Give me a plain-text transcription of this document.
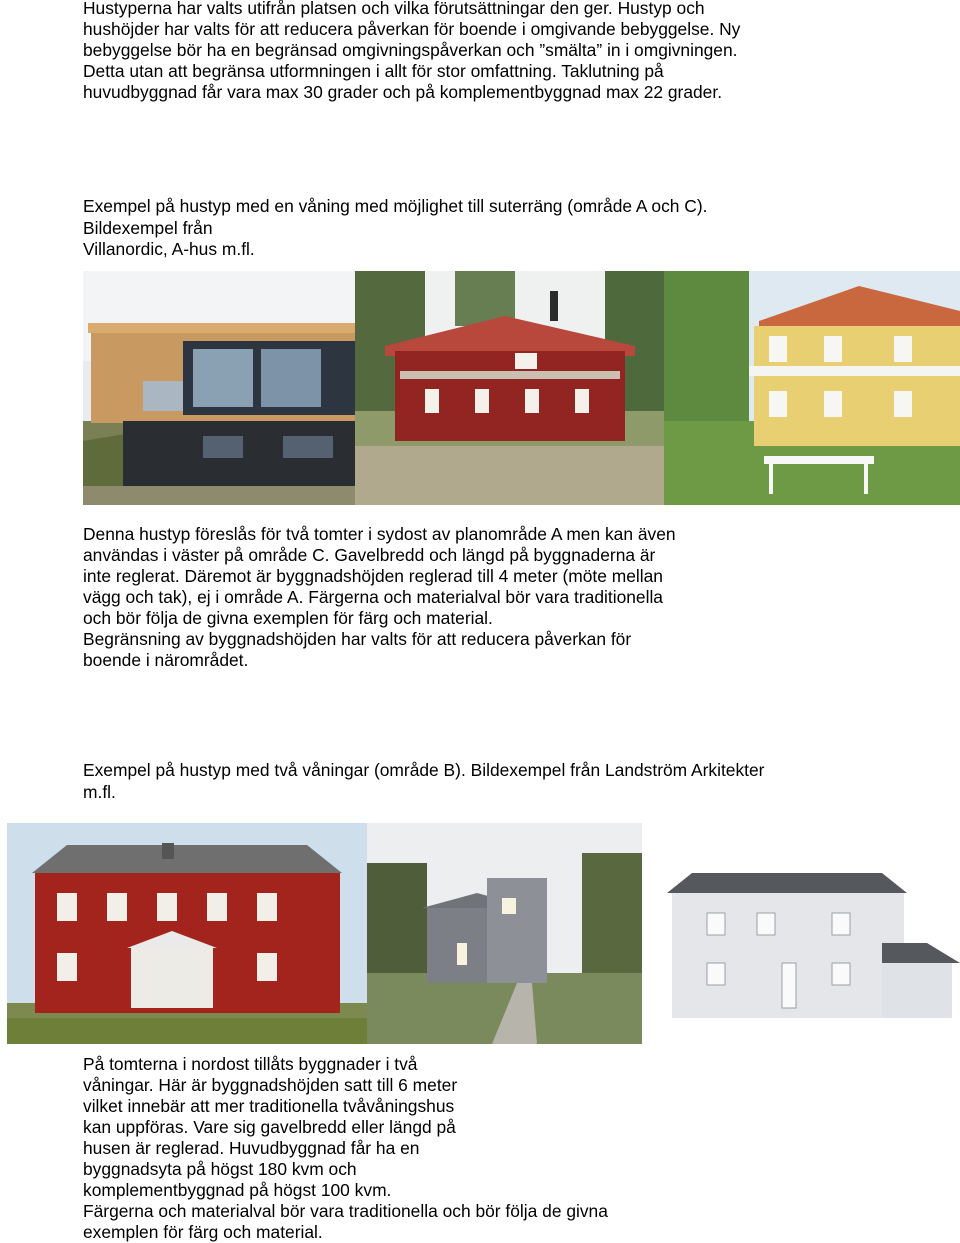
Hustyperna har valts utifrån platsen och vilka förutsättningar den ger. Hustyp och
hushöjder har valts för att reducera påverkan för boende i omgivande bebyggelse. Ny
bebyggelse bör ha en begränsad omgivningspåverkan och ”smälta” in i omgivningen.
Detta utan att begränsa utformningen i allt för stor omfattning. Taklutning på
huvudbyggnad får vara max 30 grader och på komplementbyggnad max 22 grader.
Exempel på hustyp med en våning med möjlighet till suterräng (område A och C).
Bildexempel från
Villanordic, A-hus m.fl.
Denna hustyp föreslås för två tomter i sydost av planområde A men kan även
användas i väster på område C. Gavelbredd och längd på byggnaderna är
inte reglerat. Däremot är byggnadshöjden reglerad till 4 meter (möte mellan
vägg och tak), ej i område A. Färgerna och materialval bör vara traditionella
och bör följa de givna exemplen för färg och material.
Begränsning av byggnadshöjden har valts för att reducera påverkan för
boende i närområdet.
Exempel på hustyp med två våningar (område B). Bildexempel från Landström Arkitekter
m.fl.
På tomterna i nordost tillåts byggnader i två
våningar. Här är byggnadshöjden satt till 6 meter
vilket innebär att mer traditionella tvåvåningshus
kan uppföras. Vare sig gavelbredd eller längd på
husen är reglerad. Huvudbyggnad får ha en
byggnadsyta på högst 180 kvm och
komplementbyggnad på högst 100 kvm.
Färgerna och materialval bör vara traditionella och bör följa de givna
exemplen för färg och material.
